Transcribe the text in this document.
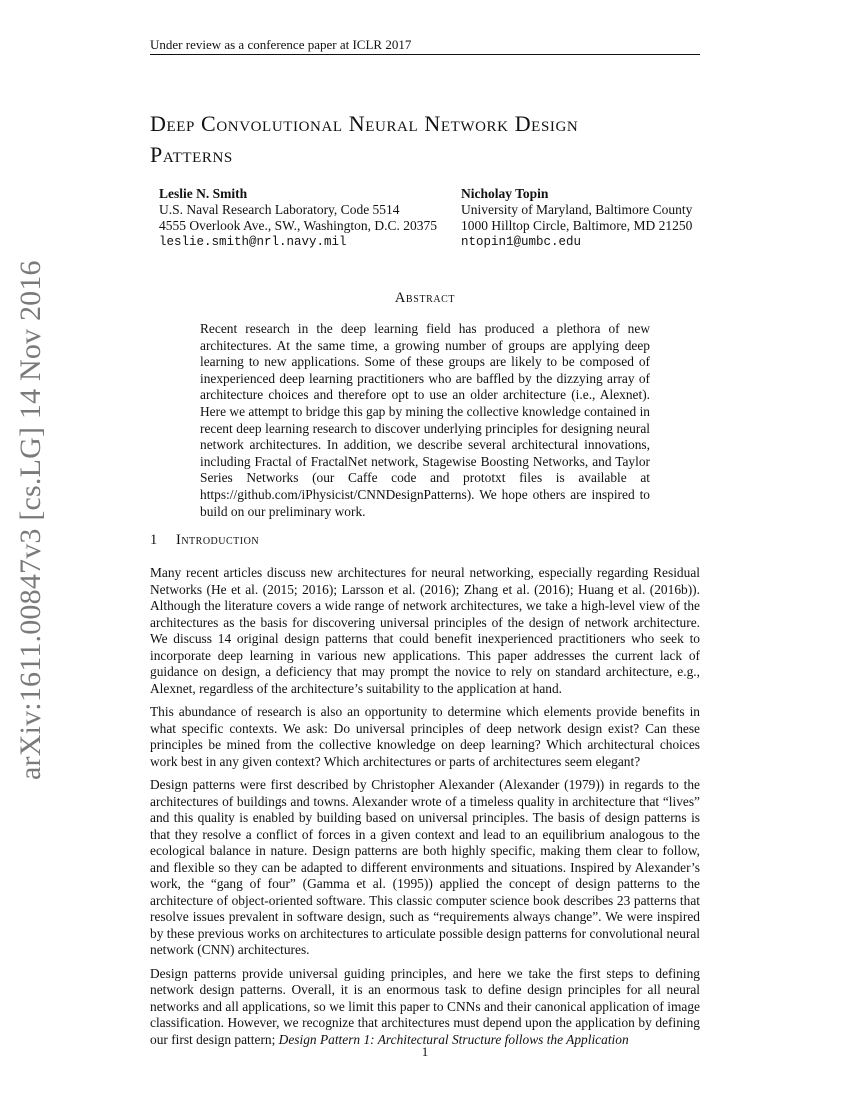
Under review as a conference paper at ICLR 2017
arXiv:1611.00847v3 [cs.LG] 14 Nov 2016
Deep Convolutional Neural Network Design
Patterns
Leslie N. Smith
U.S. Naval Research Laboratory, Code 5514
4555 Overlook Ave., SW., Washington, D.C. 20375
leslie.smith@nrl.navy.mil
Nicholay Topin
University of Maryland, Baltimore County
1000 Hilltop Circle, Baltimore, MD 21250
ntopin1@umbc.edu
Abstract
Recent research in the deep learning field has produced a plethora of new architectures. At the same time, a growing number of groups are applying deep learning to new applications. Some of these groups are likely to be composed of inexperienced deep learning practitioners who are baffled by the dizzying array of architecture choices and therefore opt to use an older architecture (i.e., Alexnet). Here we attempt to bridge this gap by mining the collective knowledge contained in recent deep learning research to discover underlying principles for designing neural network architectures. In addition, we describe several architectural innovations, including Fractal of FractalNet network, Stagewise Boosting Networks, and Taylor Series Networks (our Caffe code and prototxt files is available at https://github.com/iPhysicist/CNNDesignPatterns). We hope others are inspired to build on our preliminary work.
1 Introduction

Many recent articles discuss new architectures for neural networking, especially regarding Residual Networks (He et al. (2015; 2016); Larsson et al. (2016); Zhang et al. (2016); Huang et al. (2016b)). Although the literature covers a wide range of network architectures, we take a high-level view of the architectures as the basis for discovering universal principles of the design of network architecture. We discuss 14 original design patterns that could benefit inexperienced practitioners who seek to incorporate deep learning in various new applications. This paper addresses the current lack of guidance on design, a deficiency that may prompt the novice to rely on standard architecture, e.g., Alexnet, regardless of the architecture’s suitability to the application at hand.

This abundance of research is also an opportunity to determine which elements provide benefits in what specific contexts. We ask: Do universal principles of deep network design exist? Can these principles be mined from the collective knowledge on deep learning? Which architectural choices work best in any given context? Which architectures or parts of architectures seem elegant?

Design patterns were first described by Christopher Alexander (Alexander (1979)) in regards to the architectures of buildings and towns. Alexander wrote of a timeless quality in architecture that “lives” and this quality is enabled by building based on universal principles. The basis of design patterns is that they resolve a conflict of forces in a given context and lead to an equilibrium analogous to the ecological balance in nature. Design patterns are both highly specific, making them clear to follow, and flexible so they can be adapted to different environments and situations. Inspired by Alexander’s work, the “gang of four” (Gamma et al. (1995)) applied the concept of design patterns to the architecture of object-oriented software. This classic computer science book describes 23 patterns that resolve issues prevalent in software design, such as “requirements always change”. We were inspired by these previous works on architectures to articulate possible design patterns for convolutional neural network (CNN) architectures.

Design patterns provide universal guiding principles, and here we take the first steps to defining network design patterns. Overall, it is an enormous task to define design principles for all neural networks and all applications, so we limit this paper to CNNs and their canonical application of image classification. However, we recognize that architectures must depend upon the application by defining our first design pattern; Design Pattern 1: Architectural Structure follows the Application

1
